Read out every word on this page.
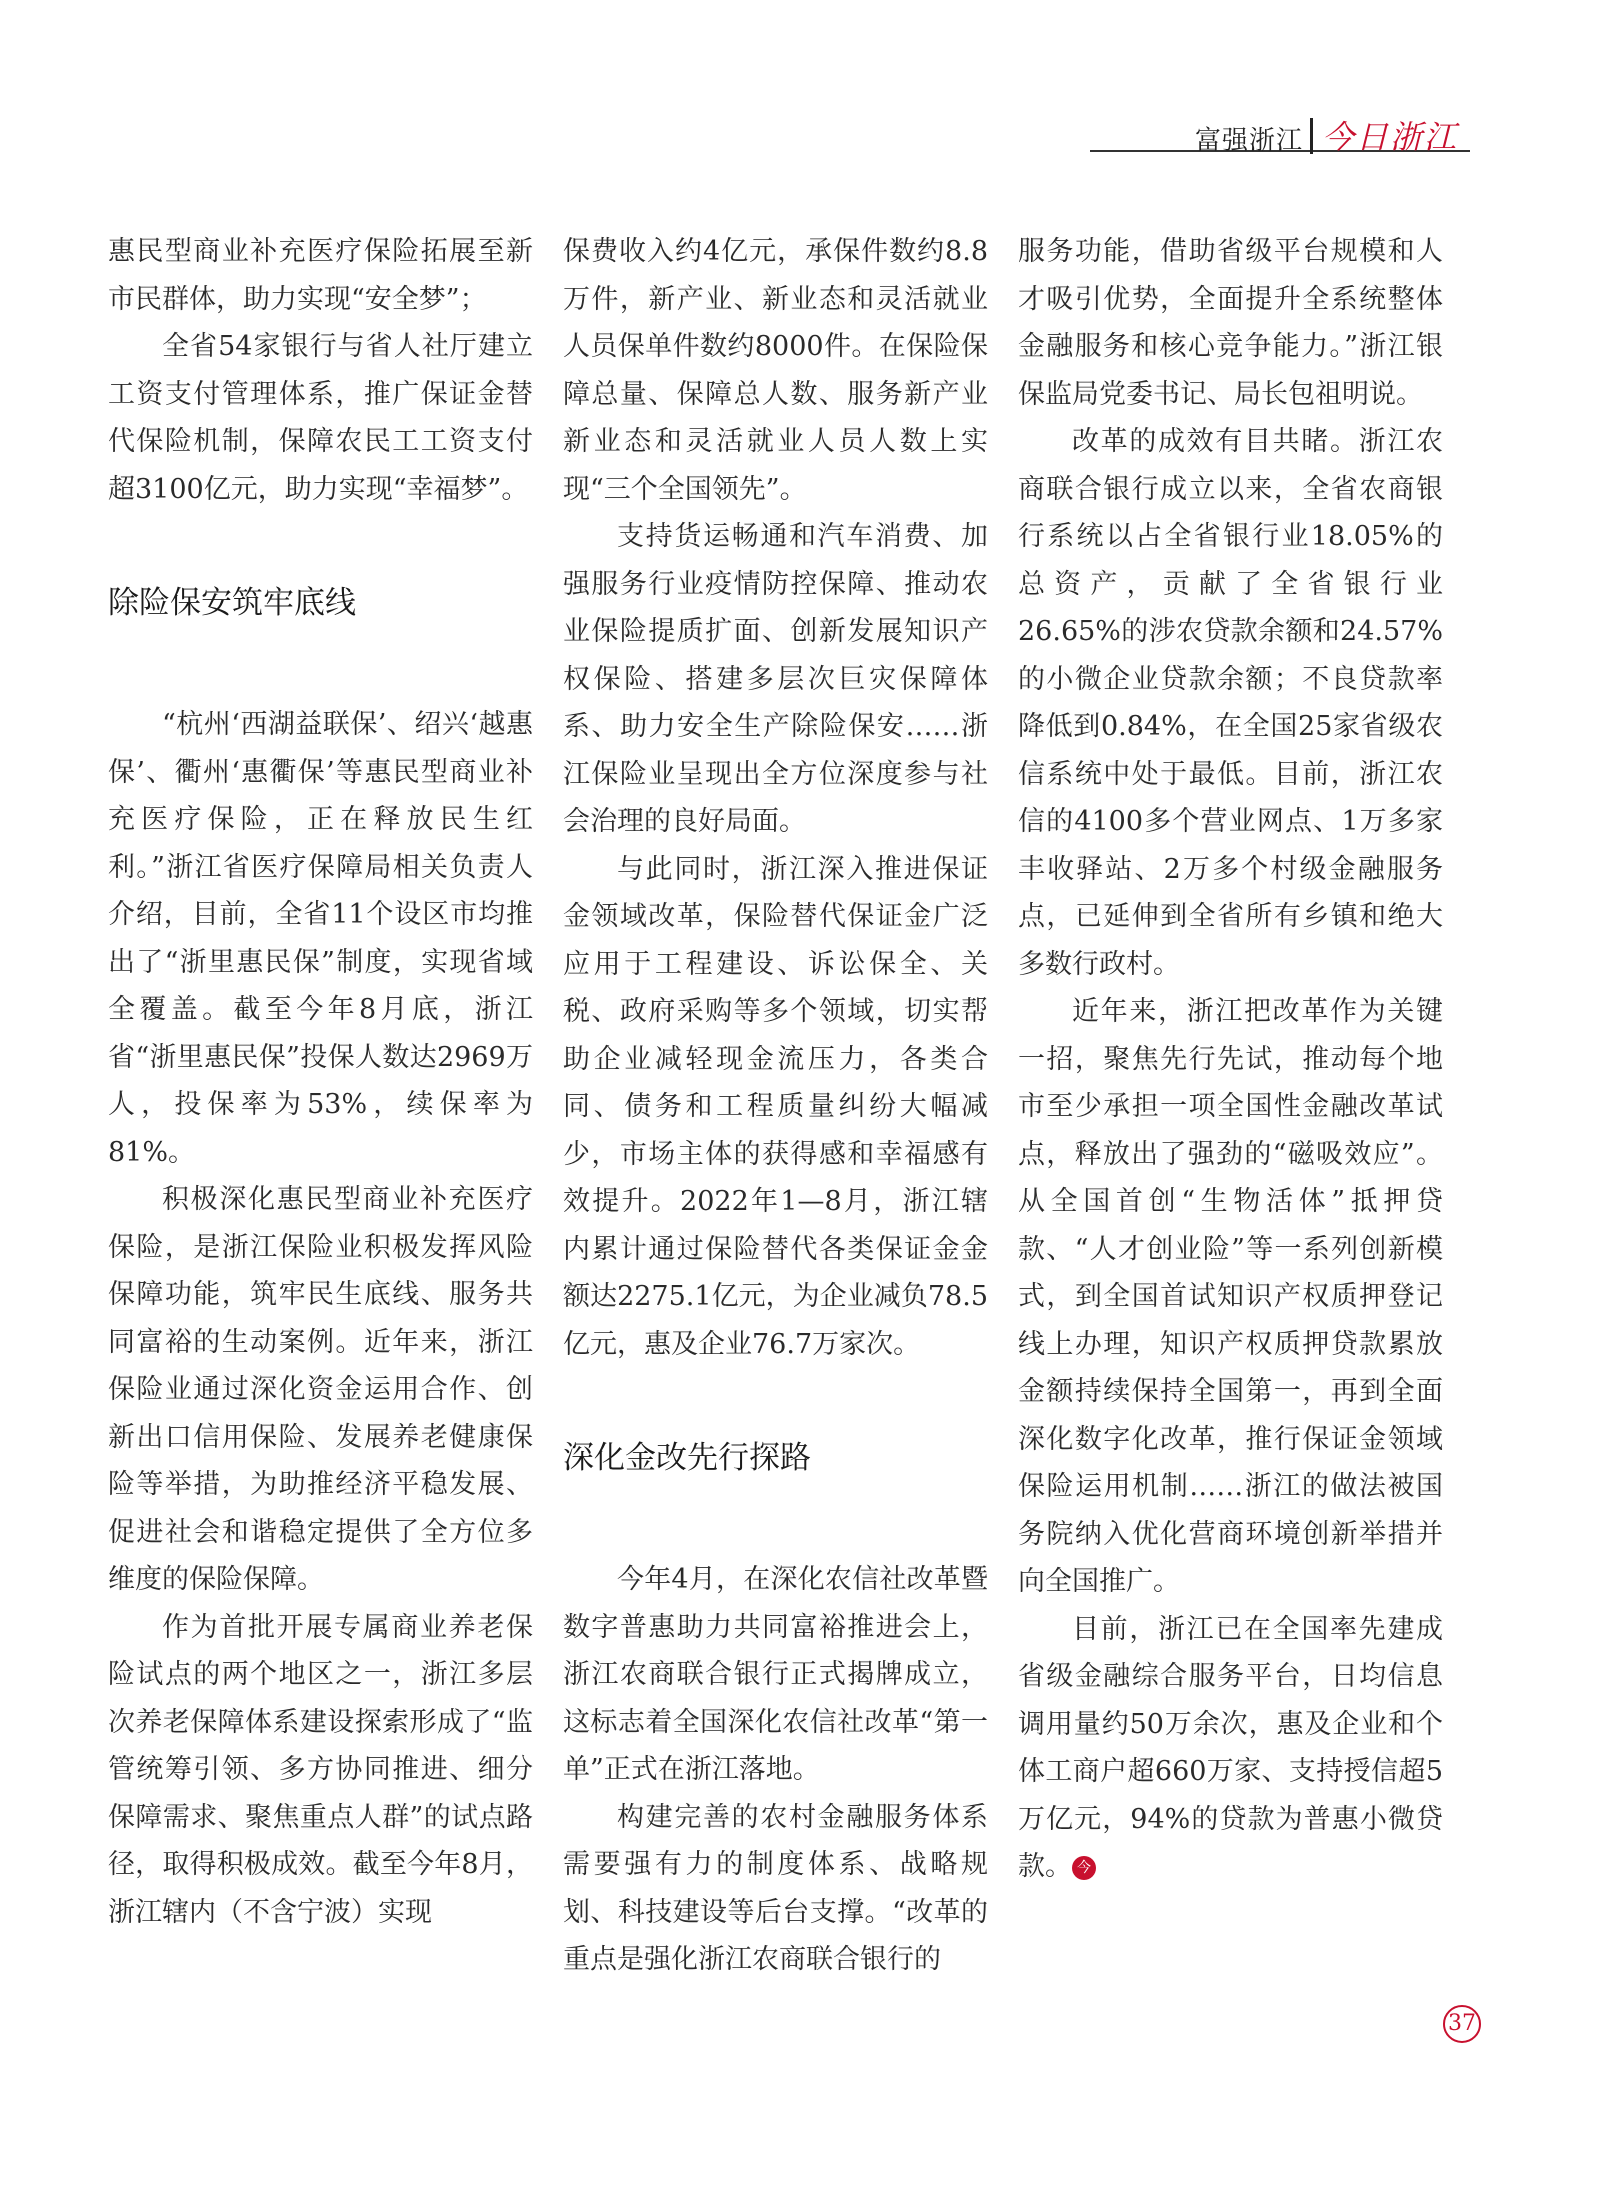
富强浙江 今日浙江

惠民型商业补充医疗保险拓展至新市民群体，助力实现“安全梦”；

全省54家银行与省人社厅建立工资支付管理体系，推广保证金替代保险机制，保障农民工工资支付超3100亿元，助力实现“幸福梦”。

除险保安筑牢底线

“杭州‘西湖益联保’、绍兴‘越惠保’、衢州‘惠衢保’等惠民型商业补充医疗保险，正在释放民生红利。”浙江省医疗保障局相关负责人介绍，目前，全省11个设区市均推出了“浙里惠民保”制度，实现省域全覆盖。截至今年8月底，浙江省“浙里惠民保”投保人数达2969万人，投保率为53%，续保率为81%。

积极深化惠民型商业补充医疗保险，是浙江保险业积极发挥风险保障功能，筑牢民生底线、服务共同富裕的生动案例。近年来，浙江保险业通过深化资金运用合作、创新出口信用保险、发展养老健康保险等举措，为助推经济平稳发展、促进社会和谐稳定提供了全方位多维度的保险保障。

作为首批开展专属商业养老保险试点的两个地区之一，浙江多层次养老保障体系建设探索形成了“监管统筹引领、多方协同推进、细分保障需求、聚焦重点人群”的试点路径，取得积极成效。截至今年8月，浙江辖内（不含宁波）实现

保费收入约4亿元，承保件数约8.8万件，新产业、新业态和灵活就业人员保单件数约8000件。在保险保障总量、保障总人数、服务新产业新业态和灵活就业人员人数上实现“三个全国领先”。

支持货运畅通和汽车消费、加强服务行业疫情防控保障、推动农业保险提质扩面、创新发展知识产权保险、搭建多层次巨灾保障体系、助力安全生产除险保安……浙江保险业呈现出全方位深度参与社会治理的良好局面。

与此同时，浙江深入推进保证金领域改革，保险替代保证金广泛应用于工程建设、诉讼保全、关税、政府采购等多个领域，切实帮助企业减轻现金流压力，各类合同、债务和工程质量纠纷大幅减少，市场主体的获得感和幸福感有效提升。2022年1—8月，浙江辖内累计通过保险替代各类保证金金额达2275.1亿元，为企业减负78.5亿元，惠及企业76.7万家次。

深化金改先行探路

今年4月，在深化农信社改革暨数字普惠助力共同富裕推进会上，浙江农商联合银行正式揭牌成立，这标志着全国深化农信社改革“第一单”正式在浙江落地。

构建完善的农村金融服务体系需要强有力的制度体系、战略规划、科技建设等后台支撑。“改革的重点是强化浙江农商联合银行的

服务功能，借助省级平台规模和人才吸引优势，全面提升全系统整体金融服务和核心竞争能力。”浙江银保监局党委书记、局长包祖明说。

改革的成效有目共睹。浙江农商联合银行成立以来，全省农商银行系统以占全省银行业18.05%的总资产，贡献了全省银行业26.65%的涉农贷款余额和24.57%的小微企业贷款余额；不良贷款率降低到0.84%，在全国25家省级农信系统中处于最低。目前，浙江农信的4100多个营业网点、1万多家丰收驿站、2万多个村级金融服务点，已延伸到全省所有乡镇和绝大多数行政村。

近年来，浙江把改革作为关键一招，聚焦先行先试，推动每个地市至少承担一项全国性金融改革试点，释放出了强劲的“磁吸效应”。从全国首创“生物活体”抵押贷款、“人才创业险”等一系列创新模式，到全国首试知识产权质押登记线上办理，知识产权质押贷款累放金额持续保持全国第一，再到全面深化数字化改革，推行保证金领域保险运用机制……浙江的做法被国务院纳入优化营商环境创新举措并向全国推广。

目前，浙江已在全国率先建成省级金融综合服务平台，日均信息调用量约50万余次，惠及企业和个体工商户超660万家、支持授信超5万亿元，94%的贷款为普惠小微贷款。 今

37
